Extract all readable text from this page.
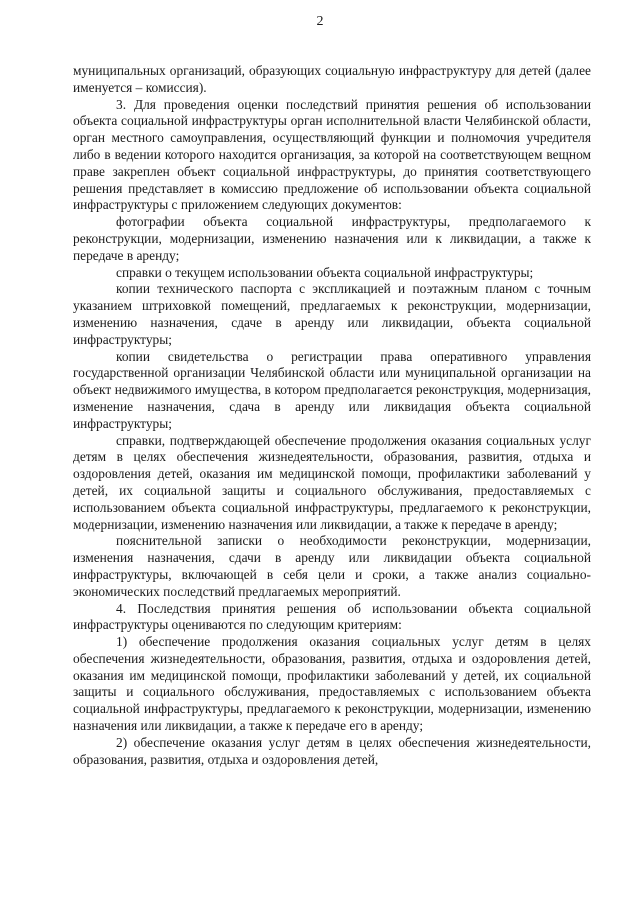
2

муниципальных организаций, образующих социальную инфраструктуру для детей (далее именуется – комиссия).

3. Для проведения оценки последствий принятия решения об использовании объекта социальной инфраструктуры орган исполнительной власти Челябинской области, орган местного самоуправления, осуществляющий функции и полномочия учредителя либо в ведении которого находится организация, за которой на соответствующем вещном праве закреплен объект социальной инфраструктуры, до принятия соответствующего решения представляет в комиссию предложение об использовании объекта социальной инфраструктуры с приложением следующих документов:

фотографии объекта социальной инфраструктуры, предполагаемого к реконструкции, модернизации, изменению назначения или к ликвидации, а также к передаче в аренду;

справки о текущем использовании объекта социальной инфраструктуры;

копии технического паспорта с экспликацией и поэтажным планом с точным указанием штриховкой помещений, предлагаемых к реконструкции, модернизации, изменению назначения, сдаче в аренду или ликвидации, объекта социальной инфраструктуры;

копии свидетельства о регистрации права оперативного управления государственной организации Челябинской области или муниципальной организации на объект недвижимого имущества, в котором предполагается реконструкция, модернизация, изменение назначения, сдача в аренду или ликвидация объекта социальной инфраструктуры;

справки, подтверждающей обеспечение продолжения оказания социальных услуг детям в целях обеспечения жизнедеятельности, образования, развития, отдыха и оздоровления детей, оказания им медицинской помощи, профилактики заболеваний у детей, их социальной защиты и социального обслуживания, предоставляемых с использованием объекта социальной инфраструктуры, предлагаемого к реконструкции, модернизации, изменению назначения или ликвидации, а также к передаче в аренду;

пояснительной записки о необходимости реконструкции, модернизации, изменения назначения, сдачи в аренду или ликвидации объекта социальной инфраструктуры, включающей в себя цели и сроки, а также анализ социально-экономических последствий предлагаемых мероприятий.

4. Последствия принятия решения об использовании объекта социальной инфраструктуры оцениваются по следующим критериям:

1) обеспечение продолжения оказания социальных услуг детям в целях обеспечения жизнедеятельности, образования, развития, отдыха и оздоровления детей, оказания им медицинской помощи, профилактики заболеваний у детей, их социальной защиты и социального обслуживания, предоставляемых с использованием объекта социальной инфраструктуры, предлагаемого к реконструкции, модернизации, изменению назначения или ликвидации, а также к передаче его в аренду;

2) обеспечение оказания услуг детям в целях обеспечения жизнедеятельности, образования, развития, отдыха и оздоровления детей,
